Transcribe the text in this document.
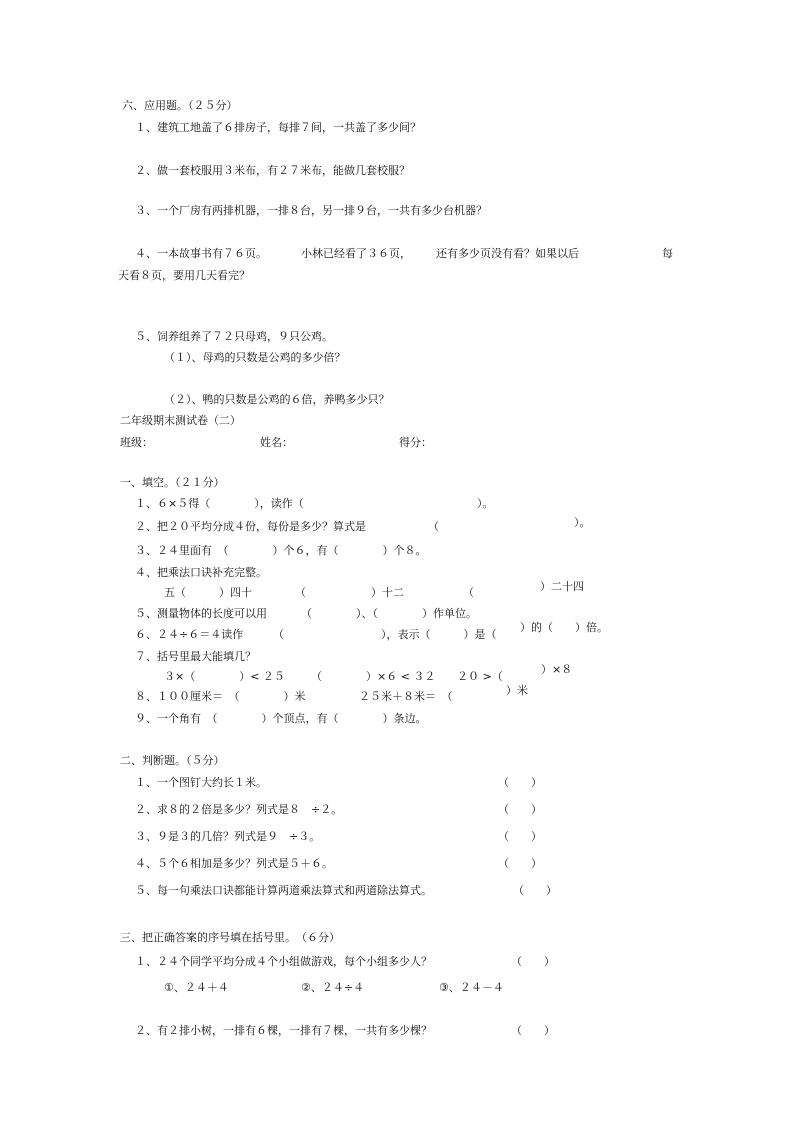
六、应用题。（２５分）
１、建筑工地盖了６排房子，每排７间，一共盖了多少间？
２、做一套校服用３米布，有２７米布，能做几套校服？
３、一个厂房有两排机器，一排８台，另一排９台，一共有多少台机器？
４、一本故事书有７６页。	小林已经看了３６页， 还有多少页没有看？如果以后	每
天看８页，要用几天看完？
５、饲养组养了７２只母鸡，９只公鸡。
（１）、母鸡的只数是公鸡的多少倍？
（２）、鸭的只数是公鸡的６倍，养鸭多少只？
二年级期末测试卷（二）
班级：	姓名：	得分：
一、填空。（２１分）
１、６×５得（　　　　），读作（	）。
２、把２０平均分成４份，每份是多少？算式是	（	）。
３、２４里面有　（　　　　）个６，有（　　　　）个８。
４、把乘法口诀补充完整。
五（　　　）四十	（	）十二	（	）二十四
５、测量物体的长度可以用	（　　　　）、（　　　　）作单位。
６、２４÷６＝４读作	（	），表示（　　　）是（
）的（　　）倍。
７、括号里最大能填几？
）×８
３×（　　　　）< ２５ （　　　　）×６ < ３２ ２０ >（
８、１００厘米＝　（　　　　）米	２５米＋８米＝　（	）米
９、一个角有　（　　　　）个顶点，有（　　　　）条边。
二、判断题。（５分）
１、一个图钉大约长１米。	（　　）
２、求８的２倍是多少？列式是８　÷２。	（　　）
３、９是３的几倍？列式是９　÷３。	（　　）
４、５个６相加是多少？列式是５＋６。	（　　）
５、每一句乘法口诀都能计算两道乘法算式和两道除法算式。	（　　）
三、把正确答案的序号填在括号里。　（６分）
１、２４个同学平均分成４个小组做游戏，每个小组多少人？	（　　）
①、２４＋４	②、２４÷４	③、２４－４
２、有２排小树，一排有６棵，一排有７棵，一共有多少棵？	（　　）
